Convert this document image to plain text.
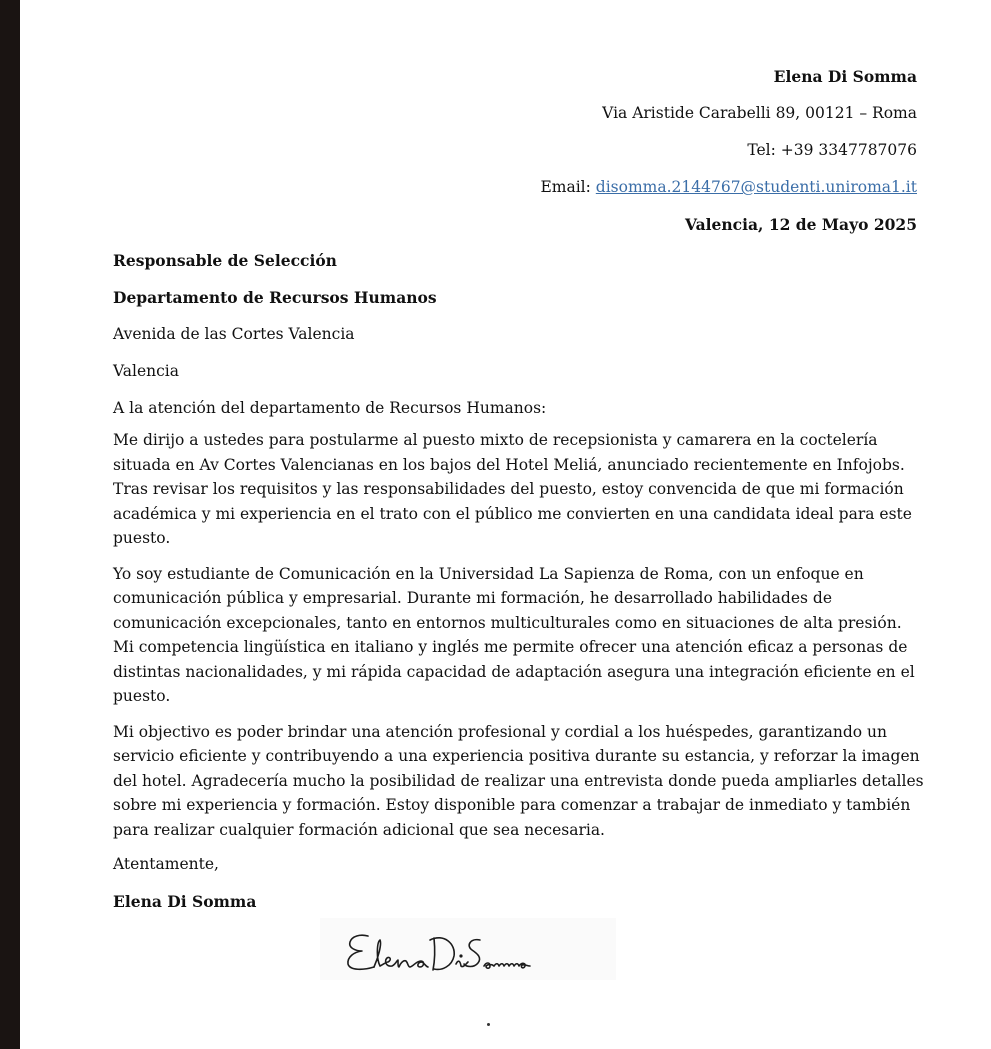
Elena Di Somma
Via Aristide Carabelli 89, 00121 – Roma
Tel: +39 3347787076
Email: disomma.2144767@studenti.uniroma1.it
Valencia, 12 de Mayo 2025
Responsable de Selección
Departamento de Recursos Humanos
Avenida de las Cortes Valencia
Valencia
A la atención del departamento de Recursos Humanos:

Me dirijo a ustedes para postularme al puesto mixto de recepsionista y camarera en la coctelería situada en Av Cortes Valencianas en los bajos del Hotel Meliá, anunciado recientemente en Infojobs. Tras revisar los requisitos y las responsabilidades del puesto, estoy convencida de que mi formación académica y mi experiencia en el trato con el público me convierten en una candidata ideal para este puesto.

Yo soy estudiante de Comunicación en la Universidad La Sapienza de Roma, con un enfoque en comunicación pública y empresarial. Durante mi formación, he desarrollado habilidades de comunicación excepcionales, tanto en entornos multiculturales como en situaciones de alta presión. Mi competencia lingüística en italiano y inglés me permite ofrecer una atención eficaz a personas de distintas nacionalidades, y mi rápida capacidad de adaptación asegura una integración eficiente en el puesto.

Mi objectivo es poder brindar una atención profesional y cordial a los huéspedes, garantizando un servicio eficiente y contribuyendo a una experiencia positiva durante su estancia, y reforzar la imagen del hotel. Agradecería mucho la posibilidad de realizar una entrevista donde pueda ampliarles detalles sobre mi experiencia y formación. Estoy disponible para comenzar a trabajar de inmediato y también para realizar cualquier formación adicional que sea necesaria.

Atentamente,
Elena Di Somma
